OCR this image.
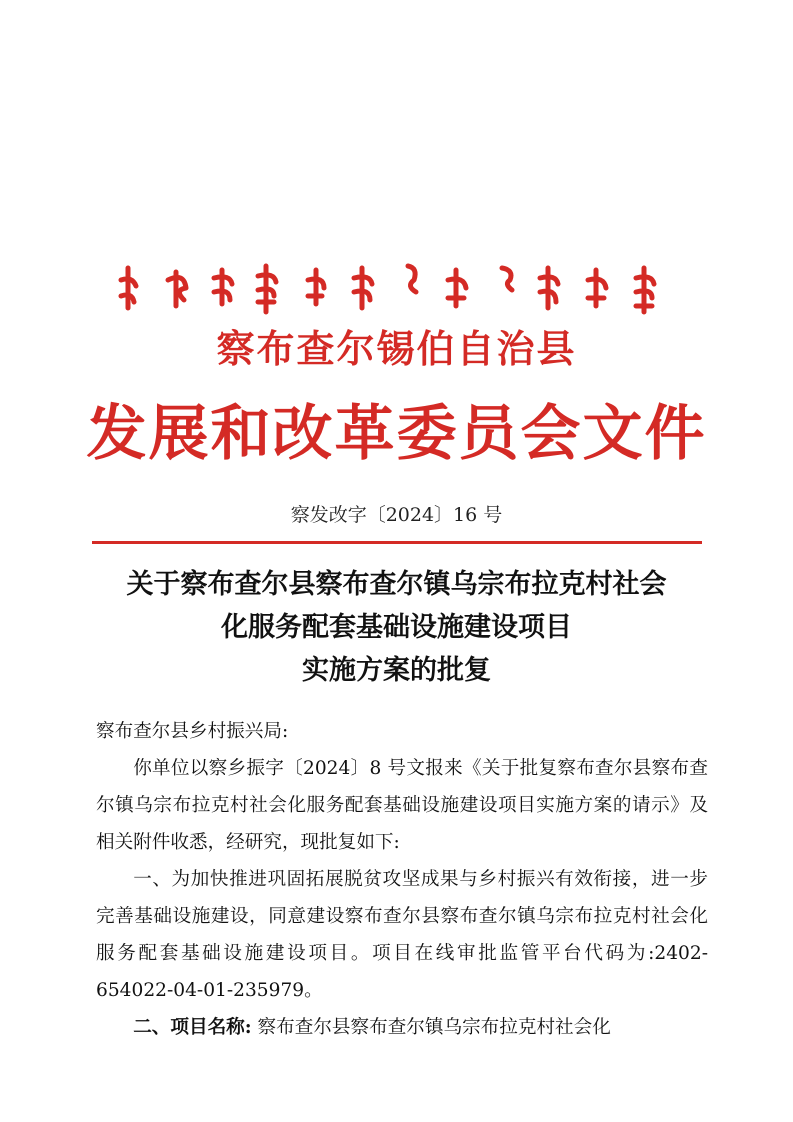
ᠴᠠᠪᠴᠠᠯ ᠰᠢᠪᠡ ᠥᠪᠡᠷᠲᠡᠭᠡᠨ ᠵᠠᠰᠠᠬᠤ ᠰᠢᠶᠠᠨ
察布查尔锡伯自治县
发展和改革委员会文件
察发改字〔2024〕16 号
关于察布查尔县察布查尔镇乌宗布拉克村社会
化服务配套基础设施建设项目
实施方案的批复

察布查尔县乡村振兴局:

你单位以察乡振字〔2024〕8 号文报来《关于批复察布查尔县察布查尔镇乌宗布拉克村社会化服务配套基础设施建设项目实施方案的请示》及相关附件收悉，经研究，现批复如下:

一、为加快推进巩固拓展脱贫攻坚成果与乡村振兴有效衔接，进一步完善基础设施建设，同意建设察布查尔县察布查尔镇乌宗布拉克村社会化服务配套基础设施建设项目。项目在线审批监管平台代码为:2402-654022-04-01-235979。

二、项目名称: 察布查尔县察布查尔镇乌宗布拉克村社会化
